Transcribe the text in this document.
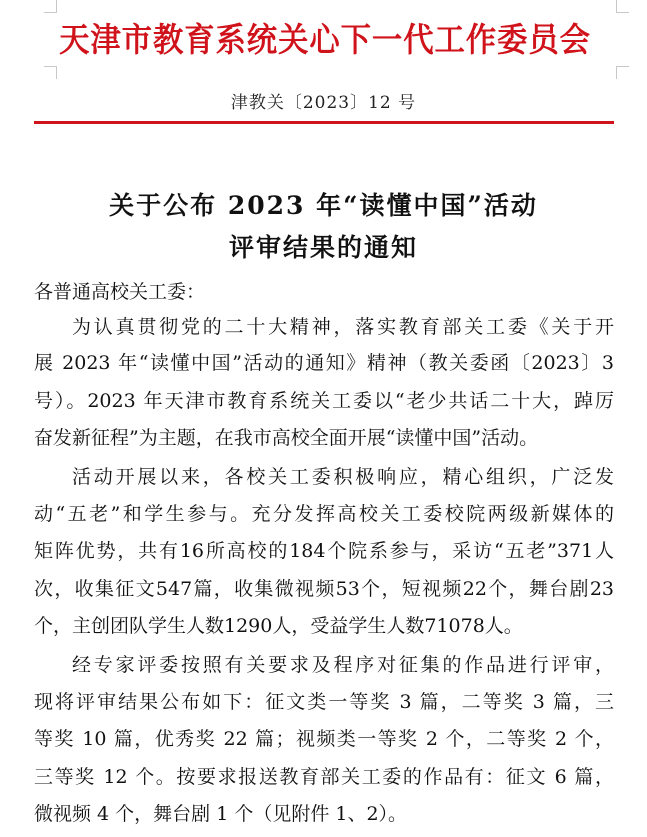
天津市教育系统关心下一代工作委员会
津教关〔2023〕12 号
关于公布 2023 年“读懂中国”活动
评审结果的通知
各普通高校关工委：
为认真贯彻党的二十大精神，落实教育部关工委《关于开
展 2023 年“读懂中国”活动的通知》精神（教关委函〔2023〕3
号）。2023 年天津市教育系统关工委以“老少共话二十大，踔厉
奋发新征程”为主题，在我市高校全面开展“读懂中国”活动。
活动开展以来，各校关工委积极响应，精心组织，广泛发
动“五老”和学生参与。充分发挥高校关工委校院两级新媒体的
矩阵优势，共有16所高校的184个院系参与，采访“五老”371人
次，收集征文547篇，收集微视频53个，短视频22个，舞台剧23
个，主创团队学生人数1290人，受益学生人数71078人。
经专家评委按照有关要求及程序对征集的作品进行评审，
现将评审结果公布如下：征文类一等奖 3 篇，二等奖 3 篇，三
等奖 10 篇，优秀奖 22 篇；视频类一等奖 2 个，二等奖 2 个，
三等奖 12 个。按要求报送教育部关工委的作品有：征文 6 篇，
微视频 4 个，舞台剧 1 个（见附件 1、2）。
